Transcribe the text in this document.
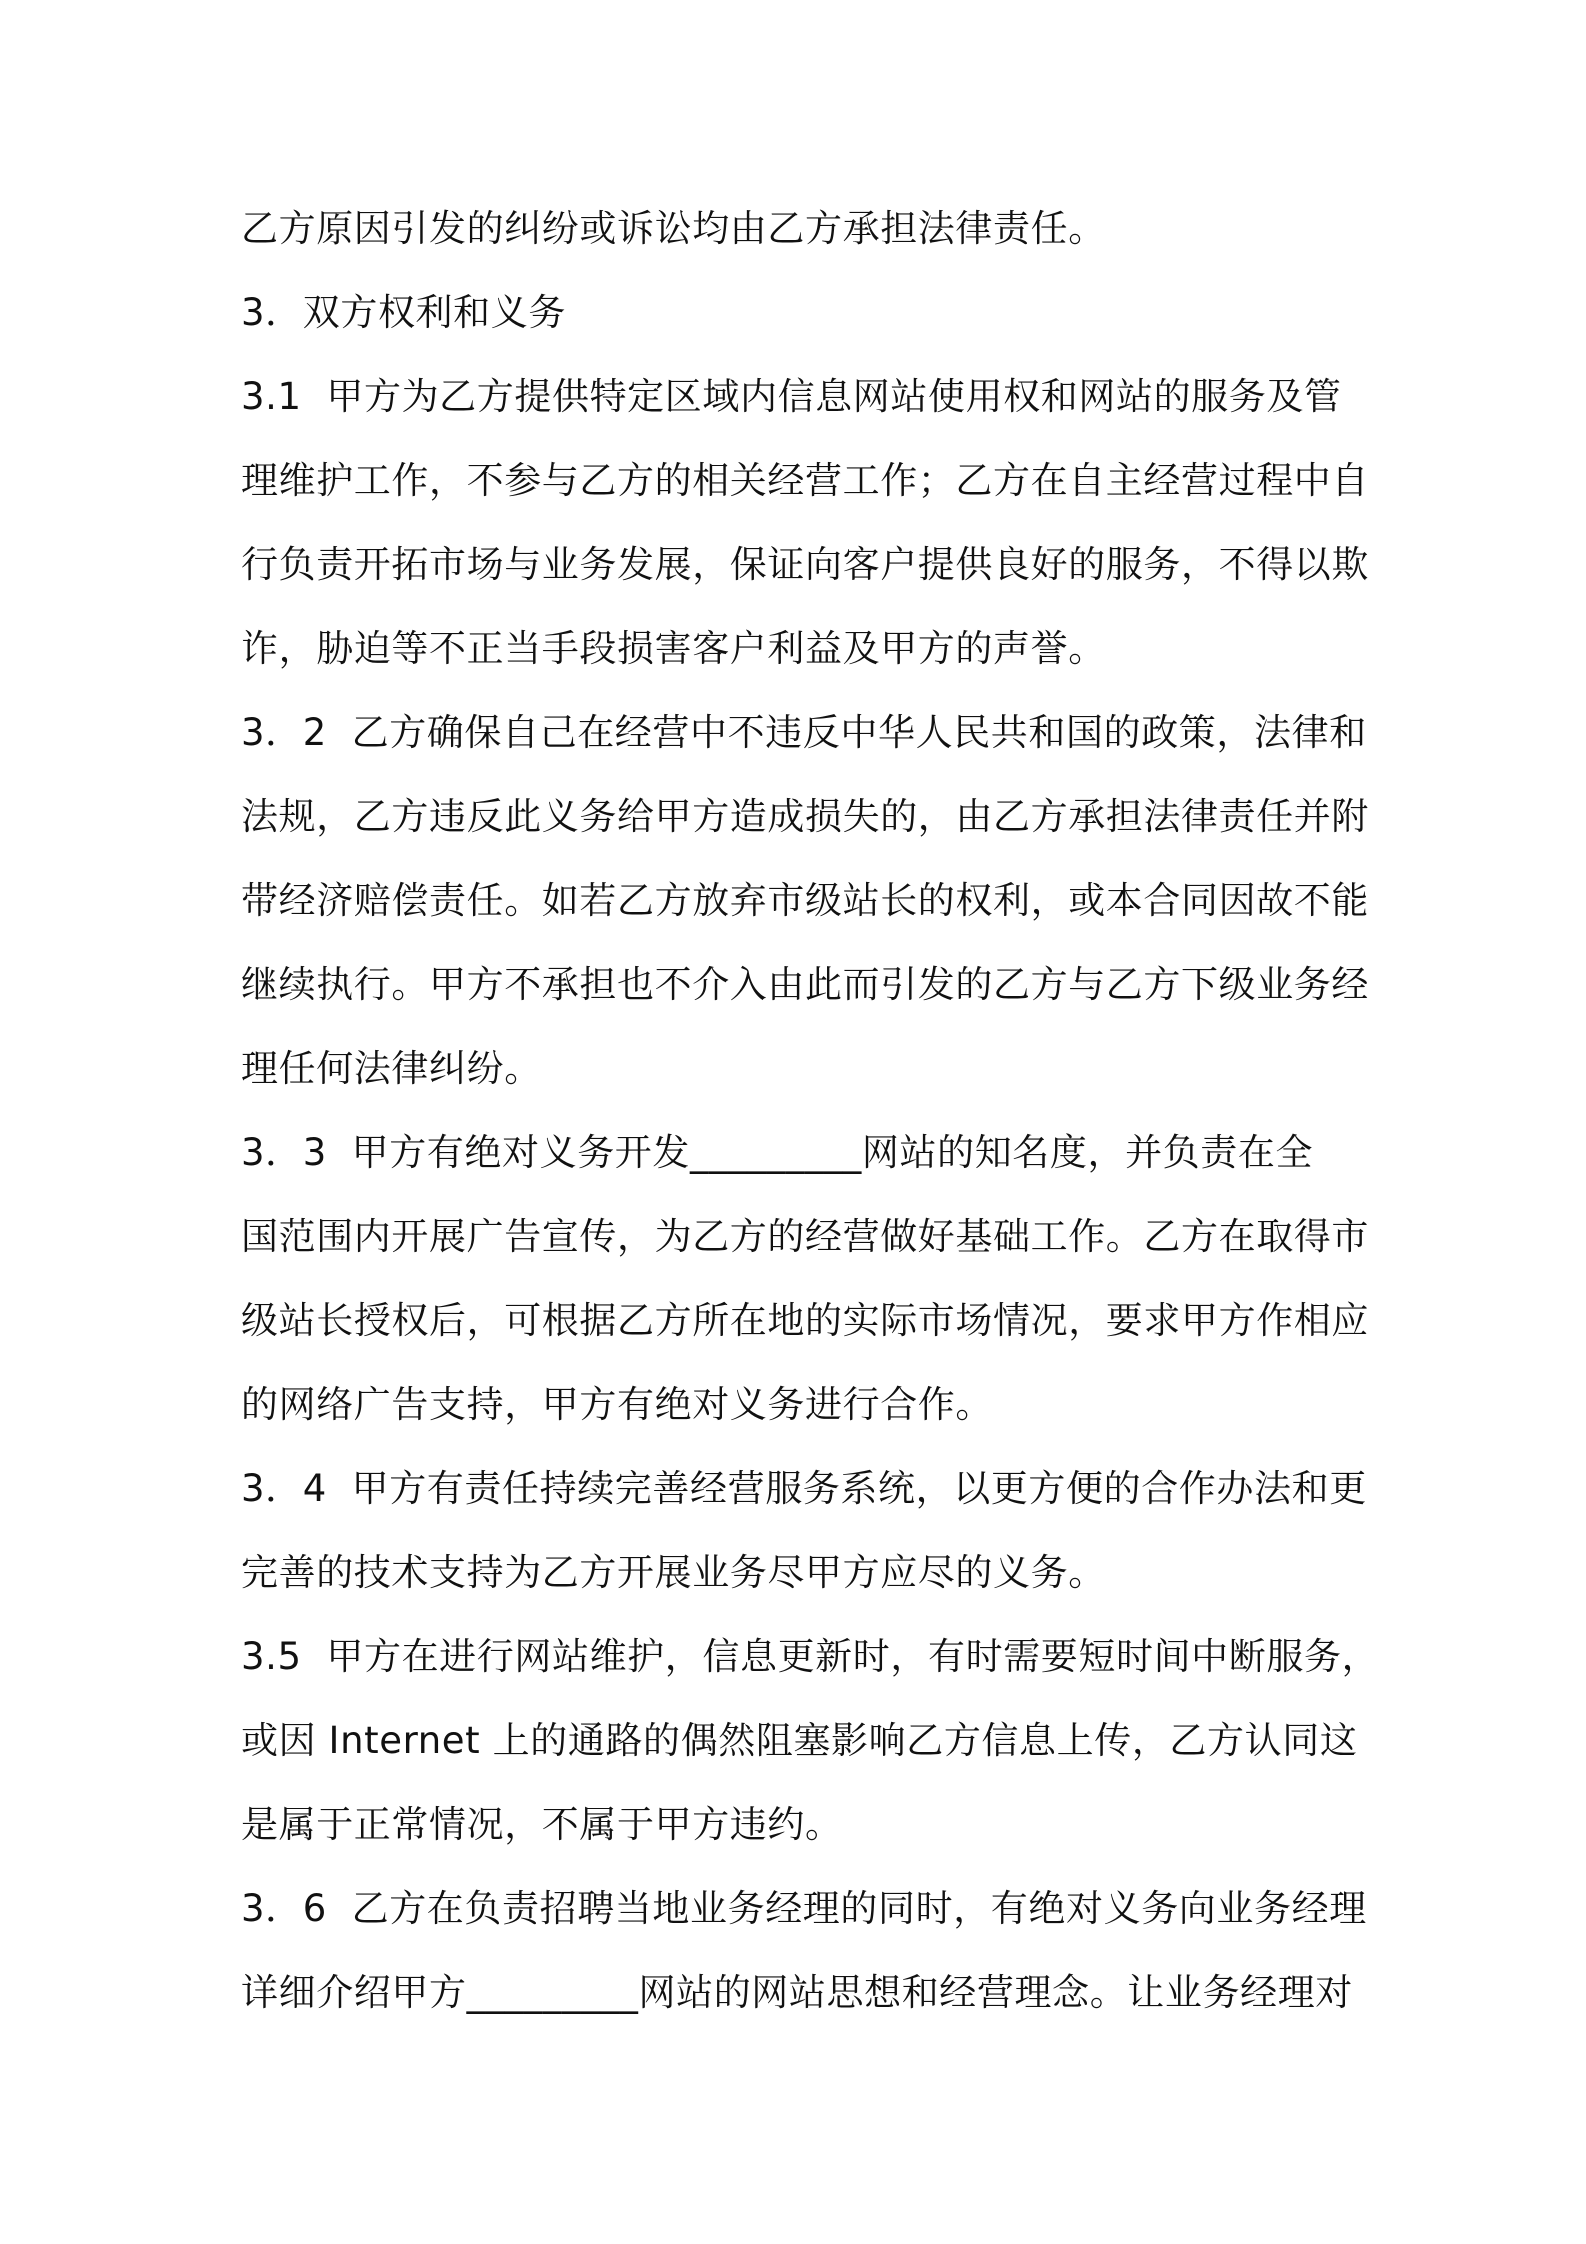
乙方原因引发的纠纷或诉讼均由乙方承担法律责任。
3．双方权利和义务
3.1  甲方为乙方提供特定区域内信息网站使用权和网站的服务及管
理维护工作，不参与乙方的相关经营工作；乙方在自主经营过程中自
行负责开拓市场与业务发展，保证向客户提供良好的服务，不得以欺
诈，胁迫等不正当手段损害客户利益及甲方的声誉。
3．2  乙方确保自己在经营中不违反中华人民共和国的政策，法律和
法规，乙方违反此义务给甲方造成损失的，由乙方承担法律责任并附
带经济赔偿责任。如若乙方放弃市级站长的权利，或本合同因故不能
继续执行。甲方不承担也不介入由此而引发的乙方与乙方下级业务经
理任何法律纠纷。
3．3  甲方有绝对义务开发_________网站的知名度，并负责在全
国范围内开展广告宣传，为乙方的经营做好基础工作。乙方在取得市
级站长授权后，可根据乙方所在地的实际市场情况，要求甲方作相应
的网络广告支持，甲方有绝对义务进行合作。
3．4  甲方有责任持续完善经营服务系统，以更方便的合作办法和更
完善的技术支持为乙方开展业务尽甲方应尽的义务。
3.5  甲方在进行网站维护，信息更新时，有时需要短时间中断服务，
或因 Internet 上的通路的偶然阻塞影响乙方信息上传，乙方认同这
是属于正常情况，不属于甲方违约。
3．6  乙方在负责招聘当地业务经理的同时，有绝对义务向业务经理
详细介绍甲方_________网站的网站思想和经营理念。让业务经理对
